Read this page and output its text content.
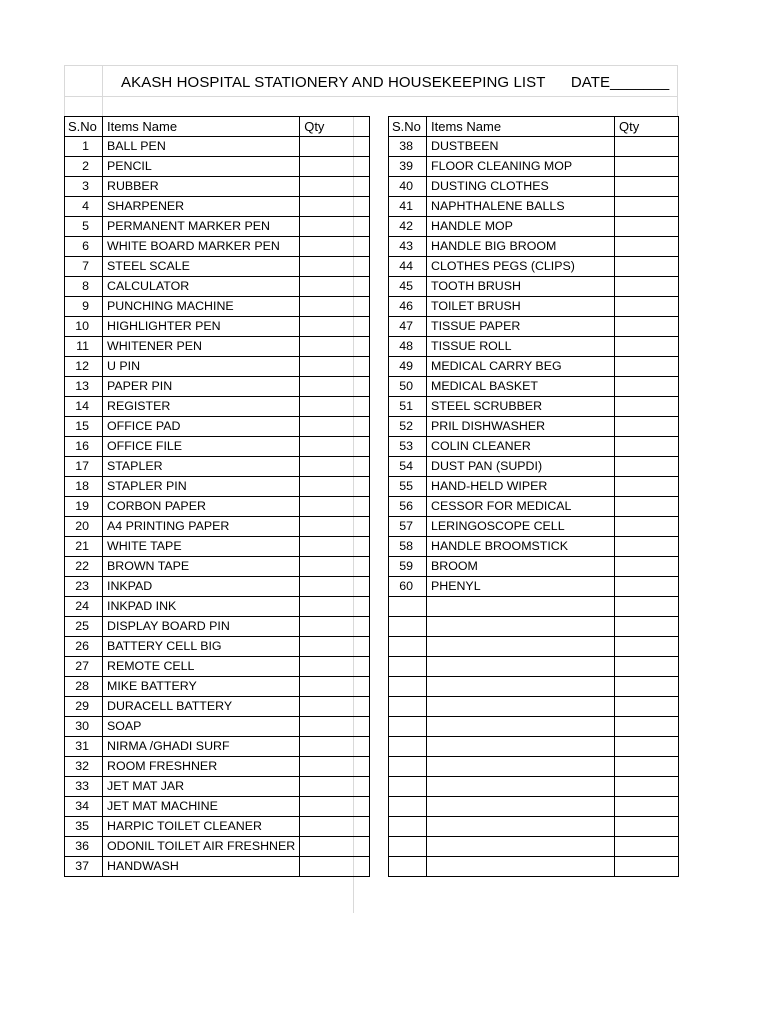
AKASH HOSPITAL STATIONERY AND HOUSEKEEPING LIST DATE_______
S.No	Items Name	Qty
1	BALL PEN	
2	PENCIL	
3	RUBBER	
4	SHARPENER	
5	PERMANENT MARKER PEN	
6	WHITE BOARD MARKER PEN	
7	STEEL SCALE	
8	CALCULATOR	
9	PUNCHING MACHINE	
10	HIGHLIGHTER PEN	
11	WHITENER PEN	
12	U PIN	
13	PAPER PIN	
14	REGISTER	
15	OFFICE PAD	
16	OFFICE FILE	
17	STAPLER	
18	STAPLER PIN	
19	CORBON PAPER	
20	A4 PRINTING PAPER	
21	WHITE TAPE	
22	BROWN TAPE	
23	INKPAD	
24	INKPAD INK	
25	DISPLAY BOARD PIN	
26	BATTERY CELL BIG	
27	REMOTE CELL	
28	MIKE BATTERY	
29	DURACELL BATTERY	
30	SOAP	
31	NIRMA /GHADI SURF	
32	ROOM FRESHNER	
33	JET MAT JAR	
34	JET MAT MACHINE	
35	HARPIC TOILET CLEANER	
36	ODONIL TOILET AIR FRESHNER	
37	HANDWASH	
S.No	Items Name	Qty
38	DUSTBEEN	
39	FLOOR CLEANING MOP	
40	DUSTING CLOTHES	
41	NAPHTHALENE BALLS	
42	HANDLE MOP	
43	HANDLE BIG BROOM	
44	CLOTHES PEGS (CLIPS)	
45	TOOTH BRUSH	
46	TOILET BRUSH	
47	TISSUE PAPER	
48	TISSUE ROLL	
49	MEDICAL CARRY BEG	
50	MEDICAL BASKET	
51	STEEL SCRUBBER	
52	PRIL DISHWASHER	
53	COLIN CLEANER	
54	DUST PAN (SUPDI)	
55	HAND-HELD WIPER	
56	CESSOR FOR MEDICAL	
57	LERINGOSCOPE CELL	
58	HANDLE BROOMSTICK	
59	BROOM	
60	PHENYL	
